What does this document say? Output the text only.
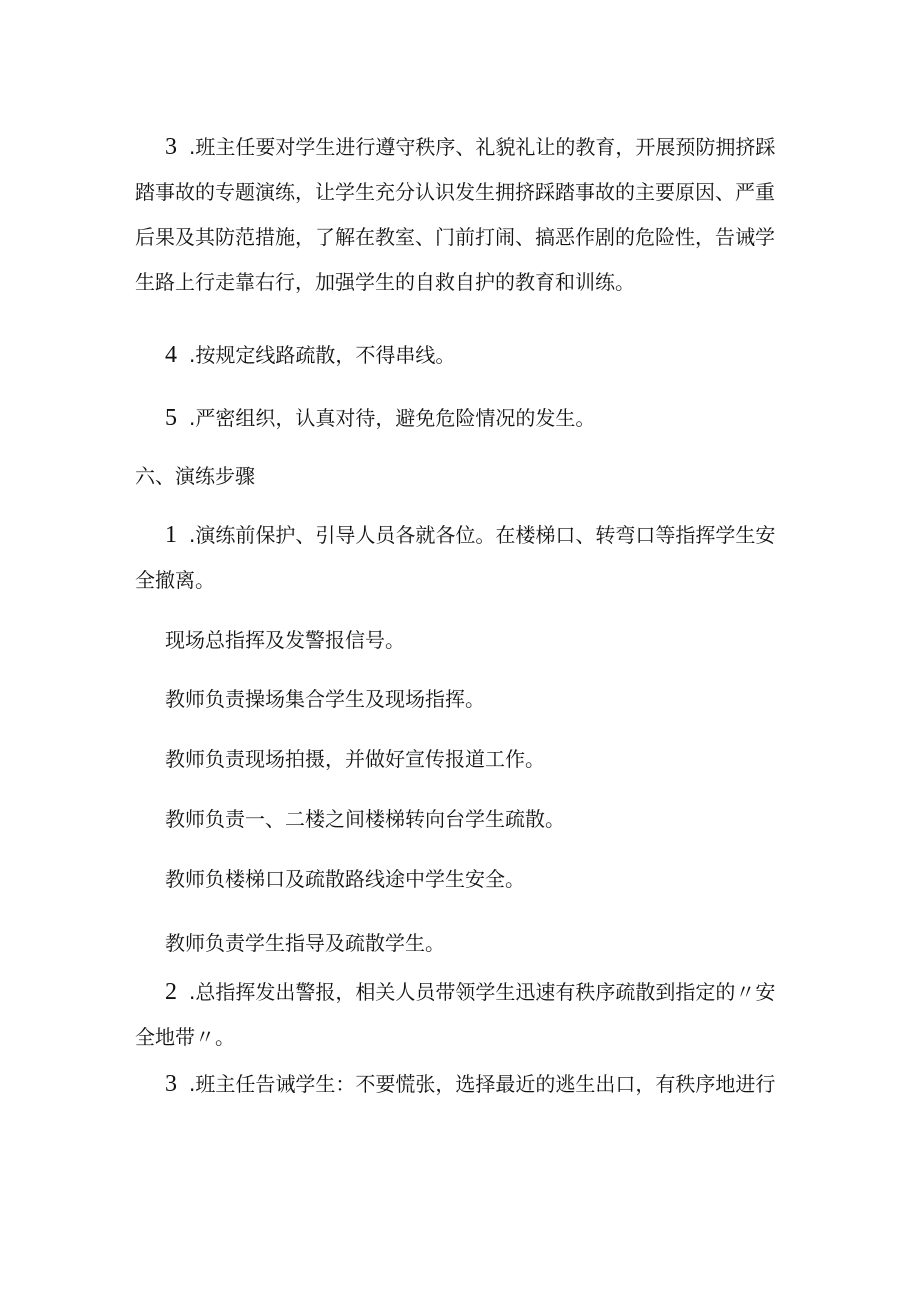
3 .班主任要对学生进行遵守秩序、礼貌礼让的教育，开展预防拥挤踩踏事故的专题演练，让学生充分认识发生拥挤踩踏事故的主要原因、严重后果及其防范措施，了解在教室、门前打闹、搞恶作剧的危险性，告诫学生路上行走靠右行，加强学生的自救自护的教育和训练。

4 .按规定线路疏散，不得串线。

5 .严密组织，认真对待，避免危险情况的发生。

六、演练步骤

1 .演练前保护、引导人员各就各位。在楼梯口、转弯口等指挥学生安全撤离。

现场总指挥及发警报信号。

教师负责操场集合学生及现场指挥。

教师负责现场拍摄，并做好宣传报道工作。

教师负责一、二楼之间楼梯转向台学生疏散。

教师负楼梯口及疏散路线途中学生安全。

教师负责学生指导及疏散学生。

2 .总指挥发出警报，相关人员带领学生迅速有秩序疏散到指定的〃安全地带〃。

3 .班主任告诫学生：不要慌张，选择最近的逃生出口，有秩序地进行
